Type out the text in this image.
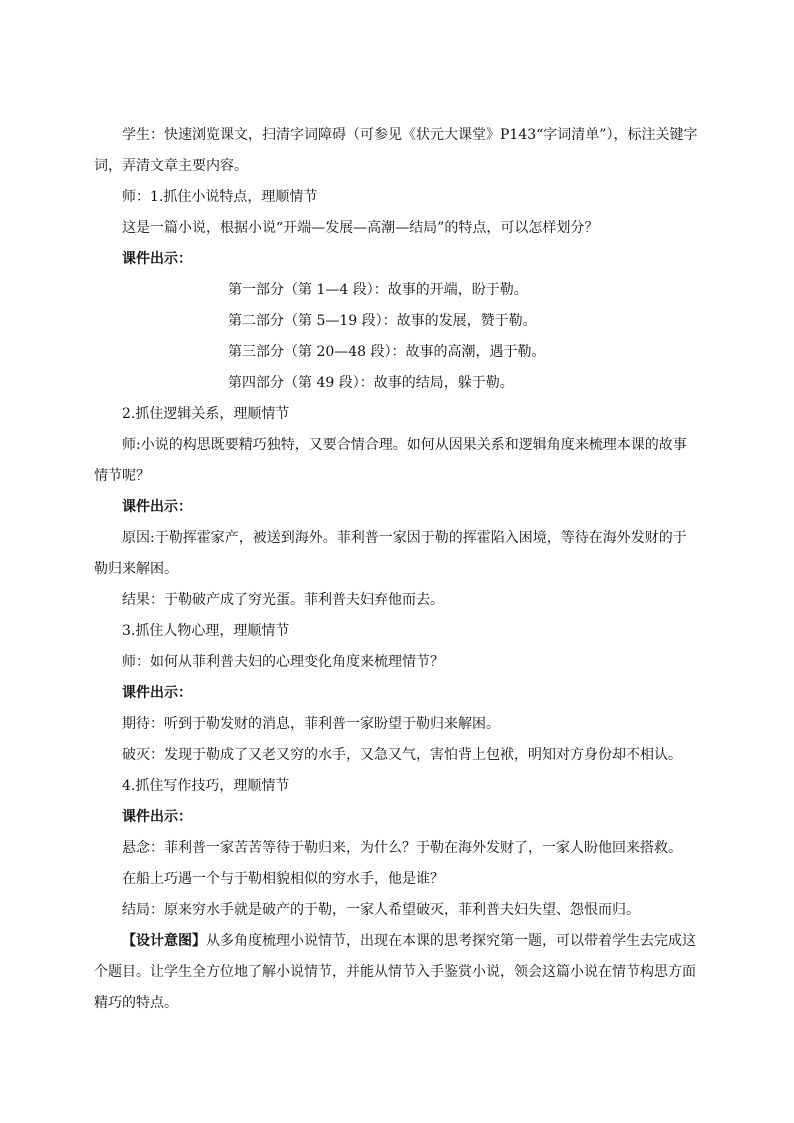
学生：快速浏览课文，扫清字词障碍（可参见《状元大课堂》P143“字词清单”），标注关键字词，弄清文章主要内容。

师：1.抓住小说特点，理顺情节

这是一篇小说，根据小说“开端—发展—高潮—结局”的特点，可以怎样划分？

课件出示：

第一部分（第 1—4 段）：故事的开端，盼于勒。

第二部分（第 5—19 段）：故事的发展，赞于勒。

第三部分（第 20—48 段）：故事的高潮，遇于勒。

第四部分（第 49 段）：故事的结局，躲于勒。

2.抓住逻辑关系，理顺情节

师:小说的构思既要精巧独特，又要合情合理。如何从因果关系和逻辑角度来梳理本课的故事情节呢？

课件出示：

原因:于勒挥霍家产，被送到海外。菲利普一家因于勒的挥霍陷入困境，等待在海外发财的于勒归来解困。

结果：于勒破产成了穷光蛋。菲利普夫妇弃他而去。

3.抓住人物心理，理顺情节

师：如何从菲利普夫妇的心理变化角度来梳理情节？

课件出示：

期待：听到于勒发财的消息，菲利普一家盼望于勒归来解困。

破灭：发现于勒成了又老又穷的水手，又急又气，害怕背上包袱，明知对方身份却不相认。

4.抓住写作技巧，理顺情节

课件出示：

悬念：菲利普一家苦苦等待于勒归来，为什么？于勒在海外发财了，一家人盼他回来搭救。

在船上巧遇一个与于勒相貌相似的穷水手，他是谁？

结局：原来穷水手就是破产的于勒，一家人希望破灭，菲利普夫妇失望、怨恨而归。

【设计意图】从多角度梳理小说情节，出现在本课的思考探究第一题，可以带着学生去完成这个题目。让学生全方位地了解小说情节，并能从情节入手鉴赏小说，领会这篇小说在情节构思方面精巧的特点。
